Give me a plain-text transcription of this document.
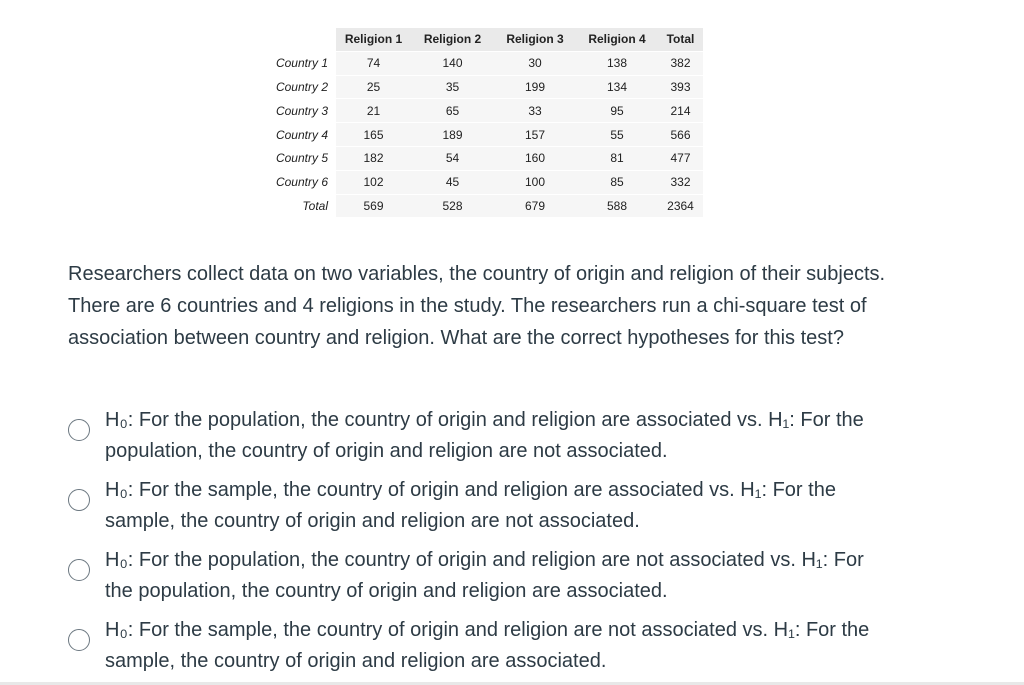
	Religion 1	Religion 2	Religion 3	Religion 4	Total
Country 1	74	140	30	138	382
Country 2	25	35	199	134	393
Country 3	21	65	33	95	214
Country 4	165	189	157	55	566
Country 5	182	54	160	81	477
Country 6	102	45	100	85	332
Total	569	528	679	588	2364

Researchers collect data on two variables, the country of origin and religion of their subjects. There are 6 countries and 4 religions in the study. The researchers run a chi-square test of association between country and religion. What are the correct hypotheses for this test?

H₀: For the population, the country of origin and religion are associated vs. H₁: For the population, the country of origin and religion are not associated.
H₀: For the sample, the country of origin and religion are associated vs. H₁: For the sample, the country of origin and religion are not associated.
H₀: For the population, the country of origin and religion are not associated vs. H₁: For the population, the country of origin and religion are associated.
H₀: For the sample, the country of origin and religion are not associated vs. H₁: For the sample, the country of origin and religion are associated.
